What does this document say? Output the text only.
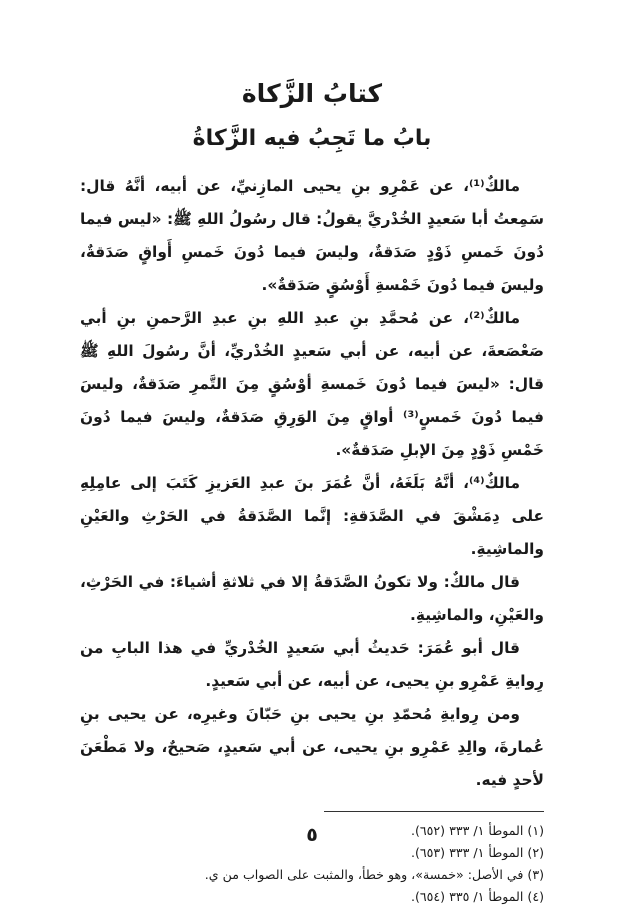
كتابُ الزَّكاة
بابُ ما تَجِبُ فيه الزَّكاةُ

مالكٌ⁽¹⁾، عن عَمْرِو بنِ يحيى المازِنيِّ، عن أبيه، أنَّهُ قال: سَمِعتُ أبا سَعيدٍ الخُدْريَّ يقولُ: قال رسُولُ اللهِ ﷺ: «ليس فيما دُونَ خَمسِ ذَوْدٍ صَدَقةٌ، وليسَ فيما دُونَ خَمسِ أَواقٍ صَدَقةٌ، وليسَ فيما دُونَ خَمْسةِ أَوْسُقٍ صَدَقةٌ».

مالكٌ⁽²⁾، عن مُحمَّدِ بنِ عبدِ اللهِ بنِ عبدِ الرَّحمنِ بنِ أبي صَعْصَعةَ، عن أبيه، عن أبي سَعيدٍ الخُدْريِّ، أنَّ رسُولَ اللهِ ﷺ قال: «ليسَ فيما دُونَ خَمسةِ أوْسُقٍ مِنَ التَّمرِ صَدَقةٌ، وليسَ فيما دُونَ خَمسٍ⁽³⁾ أواقٍ مِنَ الوَرِقِ صَدَقةٌ، وليسَ فيما دُونَ خَمْسِ ذَوْدٍ مِنَ الإبلِ صَدَقةٌ».

مالكٌ⁽⁴⁾، أنَّهُ بَلَغَهُ، أنَّ عُمَرَ بنَ عبدِ العَزيزِ كَتَبَ إلى عامِلِهِ على دِمَشْقَ في الصَّدَقةِ: إنَّما الصَّدَقةُ في الحَرْثِ والعَيْنِ والماشِيةِ.

قال مالكٌ: ولا تكونُ الصَّدَقةُ إلا في ثلاثةِ أشياءَ: في الحَرْثِ، والعَيْنِ، والماشِيةِ.

قال أبو عُمَرَ: حَديثُ أبي سَعيدٍ الخُدْريِّ في هذا البابِ من رِوايةِ عَمْرِو بنِ يحيى، عن أبيه، عن أبي سَعيدٍ.

ومن رِوايةِ مُحمّدِ بنِ يحيى بنِ حَبّانَ وغيرِه، عن يحيى بنِ عُمارةَ، والِدِ عَمْرِو بنِ يحيى، عن أبي سَعيدٍ، صَحيحٌ، ولا مَطْعَنَ لأحدٍ فيه.

(١) الموطأ ١/ ٣٣٣ (٦٥٢).
(٢) الموطأ ١/ ٣٣٣ (٦٥٣).
(٣) في الأصل: «خمسة»، وهو خطأ، والمثبت على الصواب من ي.
(٤) الموطأ ١/ ٣٣٥ (٦٥٤).
٥
